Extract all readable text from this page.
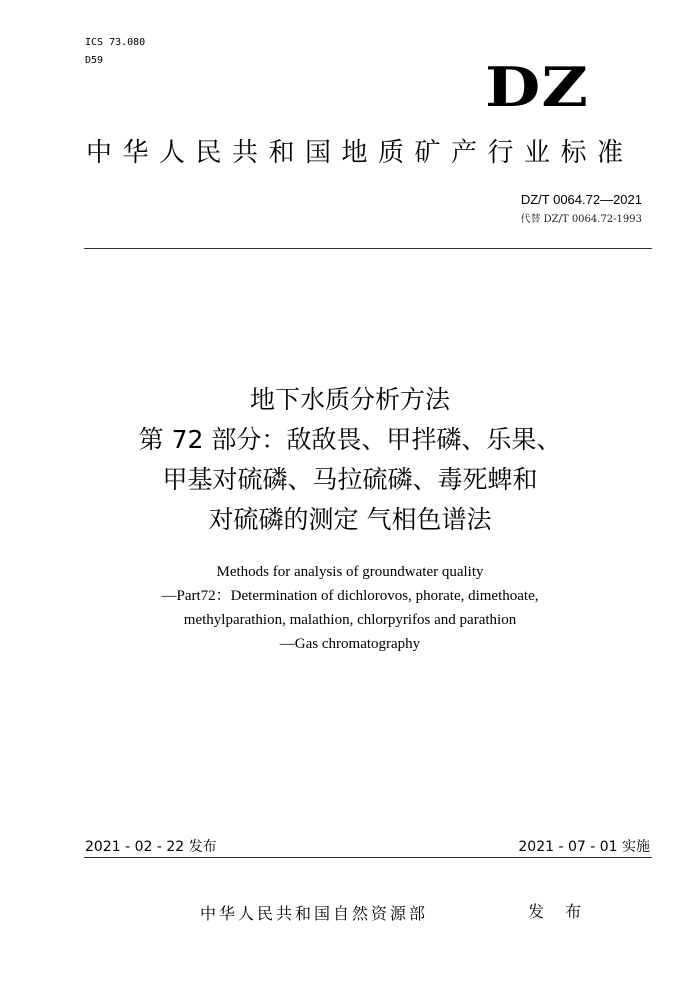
ICS 73.080
D59	DZ
中华人民共和国地质矿产行业标准
DZ/T 0064.72—2021
代替 DZ/T 0064.72-1993
地下水质分析方法
第 72 部分：敌敌畏、甲拌磷、乐果、
甲基对硫磷、马拉硫磷、毒死蜱和
对硫磷的测定 气相色谱法
Methods for analysis of groundwater quality
—Part72：Determination of dichlorovos, phorate, dimethoate,
methylparathion, malathion, chlorpyrifos and parathion
—Gas chromatography
2021 - 02 - 22 发布	2021 - 07 - 01 实施
中华人民共和国自然资源部	发 布
